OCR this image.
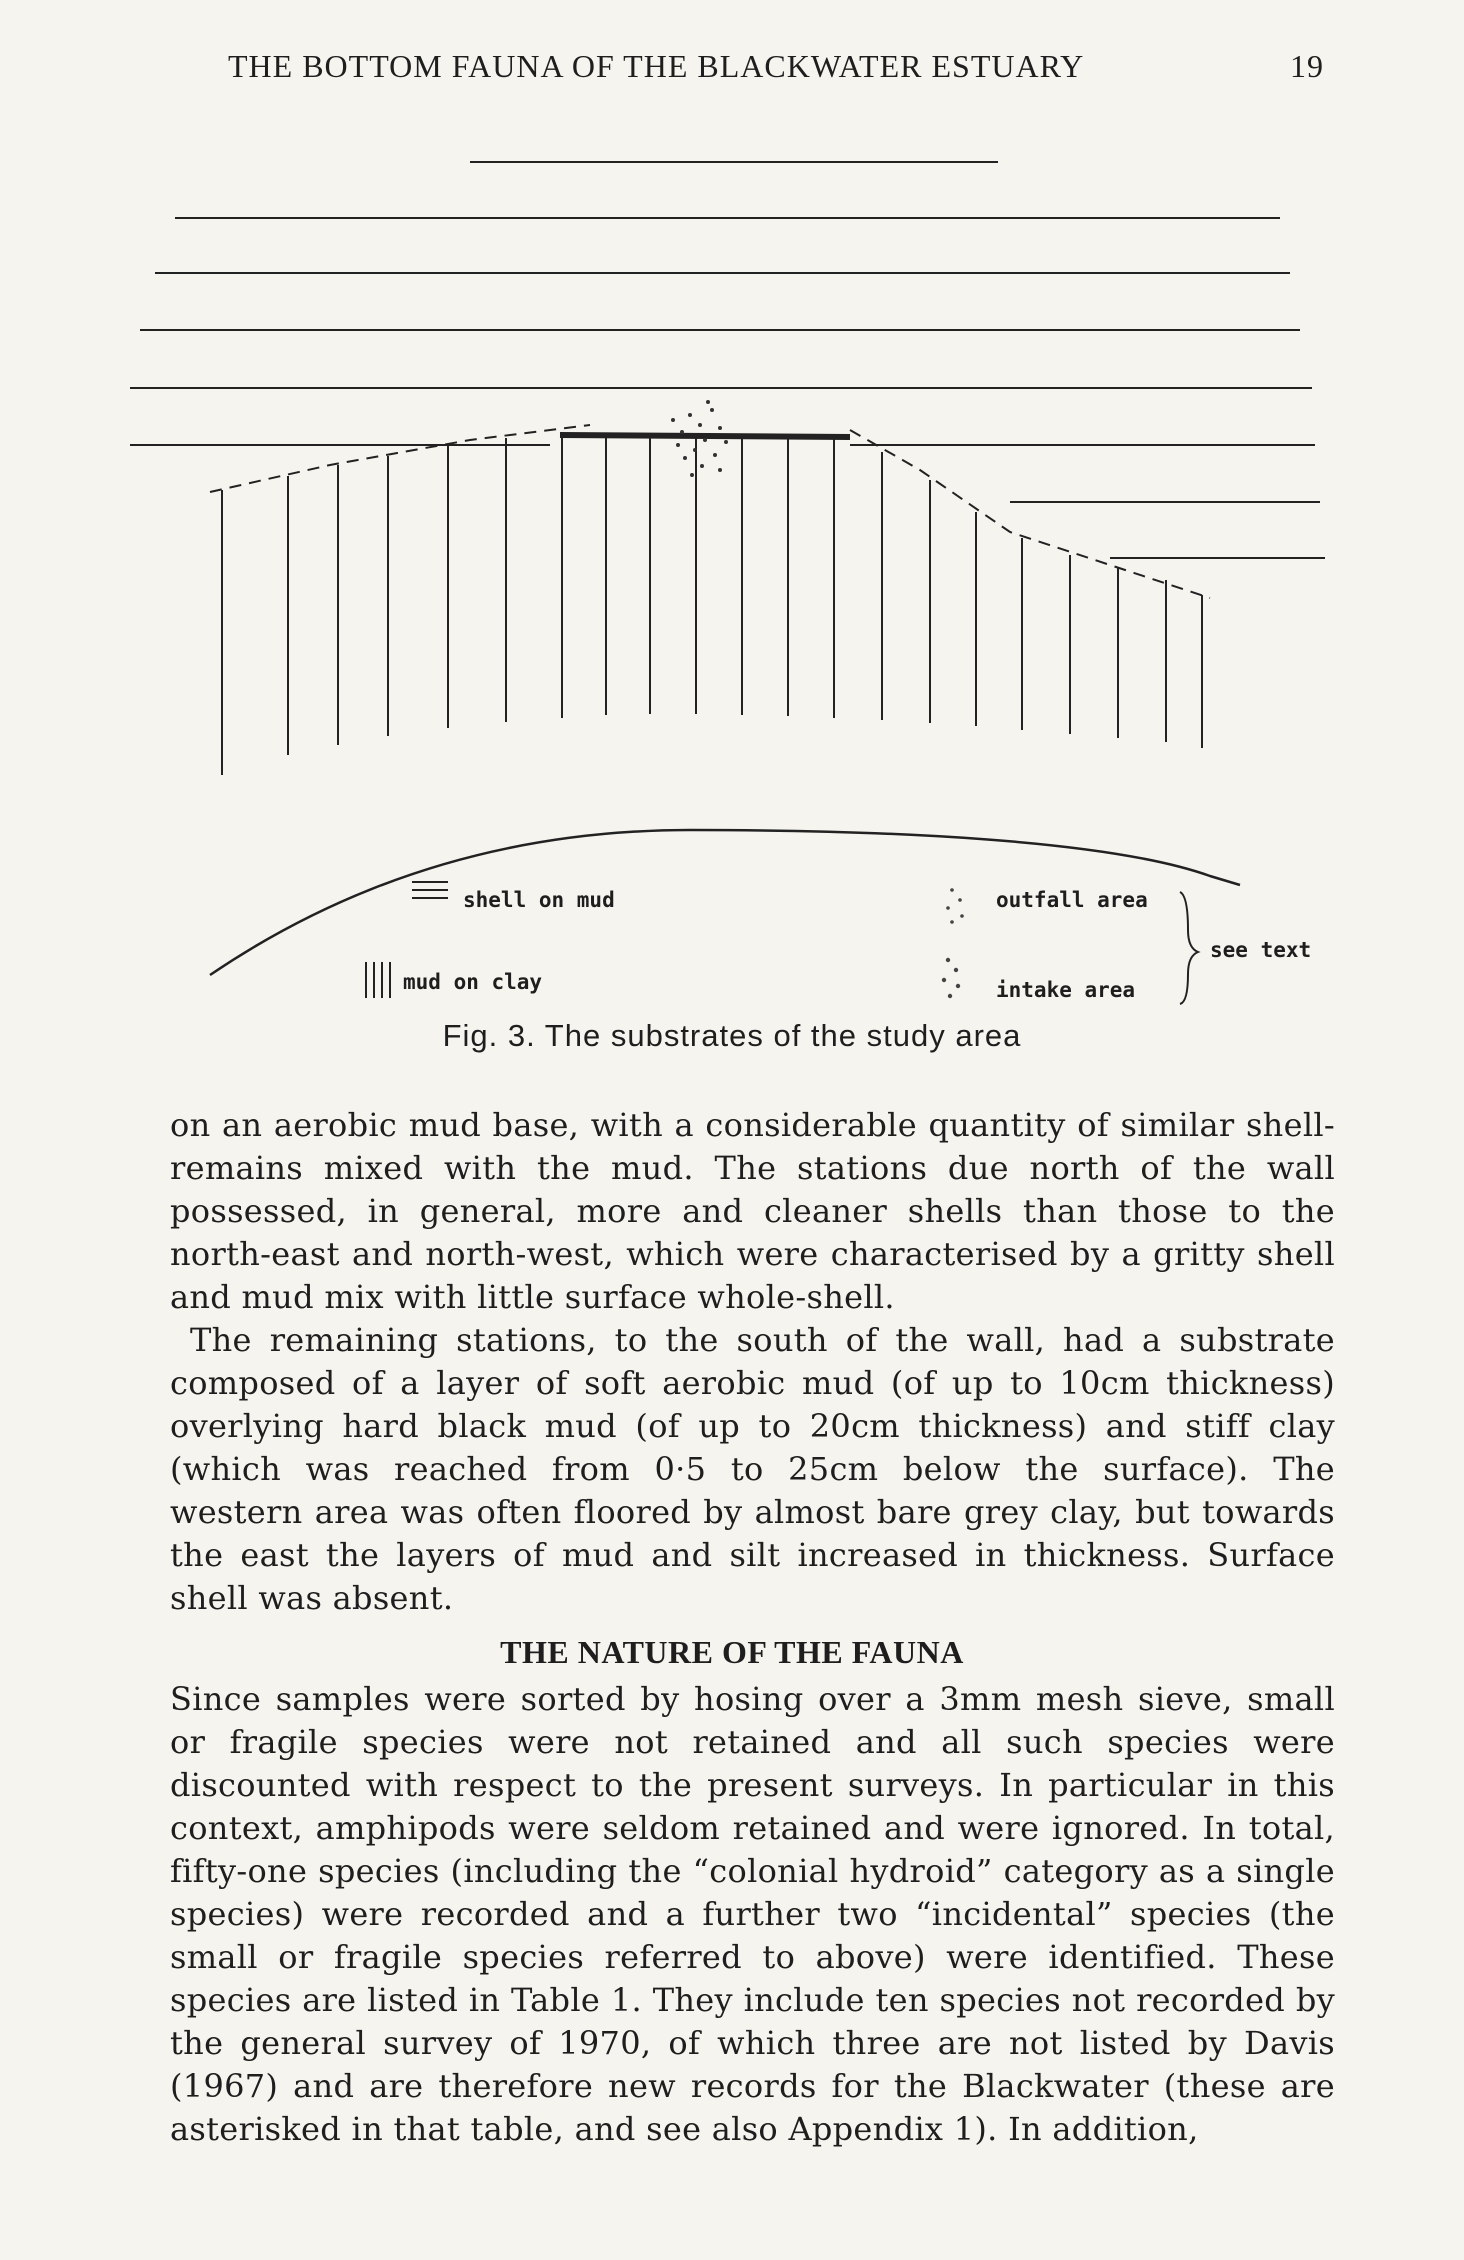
THE BOTTOM FAUNA OF THE BLACKWATER ESTUARY	19
shell on mud
mud on clay
outfall area
intake area
see text
Fig. 3. The substrates of the study area

on an aerobic mud base, with a considerable quantity of similar shell-remains mixed with the mud. The stations due north of the wall possessed, in general, more and cleaner shells than those to the north-east and north-west, which were characterised by a gritty shell and mud mix with little surface whole-shell.

The remaining stations, to the south of the wall, had a substrate composed of a layer of soft aerobic mud (of up to 10cm thickness) overlying hard black mud (of up to 20cm thickness) and stiff clay (which was reached from 0·5 to 25cm below the surface). The western area was often floored by almost bare grey clay, but towards the east the layers of mud and silt increased in thickness. Surface shell was absent.

THE NATURE OF THE FAUNA

Since samples were sorted by hosing over a 3mm mesh sieve, small or fragile species were not retained and all such species were discounted with respect to the present surveys. In particular in this context, amphipods were seldom retained and were ignored. In total, fifty-one species (including the “colonial hydroid” category as a single species) were recorded and a further two “incidental” species (the small or fragile species referred to above) were identified. These species are listed in Table 1. They include ten species not recorded by the general survey of 1970, of which three are not listed by Davis (1967) and are therefore new records for the Blackwater (these are asterisked in that table, and see also Appendix 1). In addition,
